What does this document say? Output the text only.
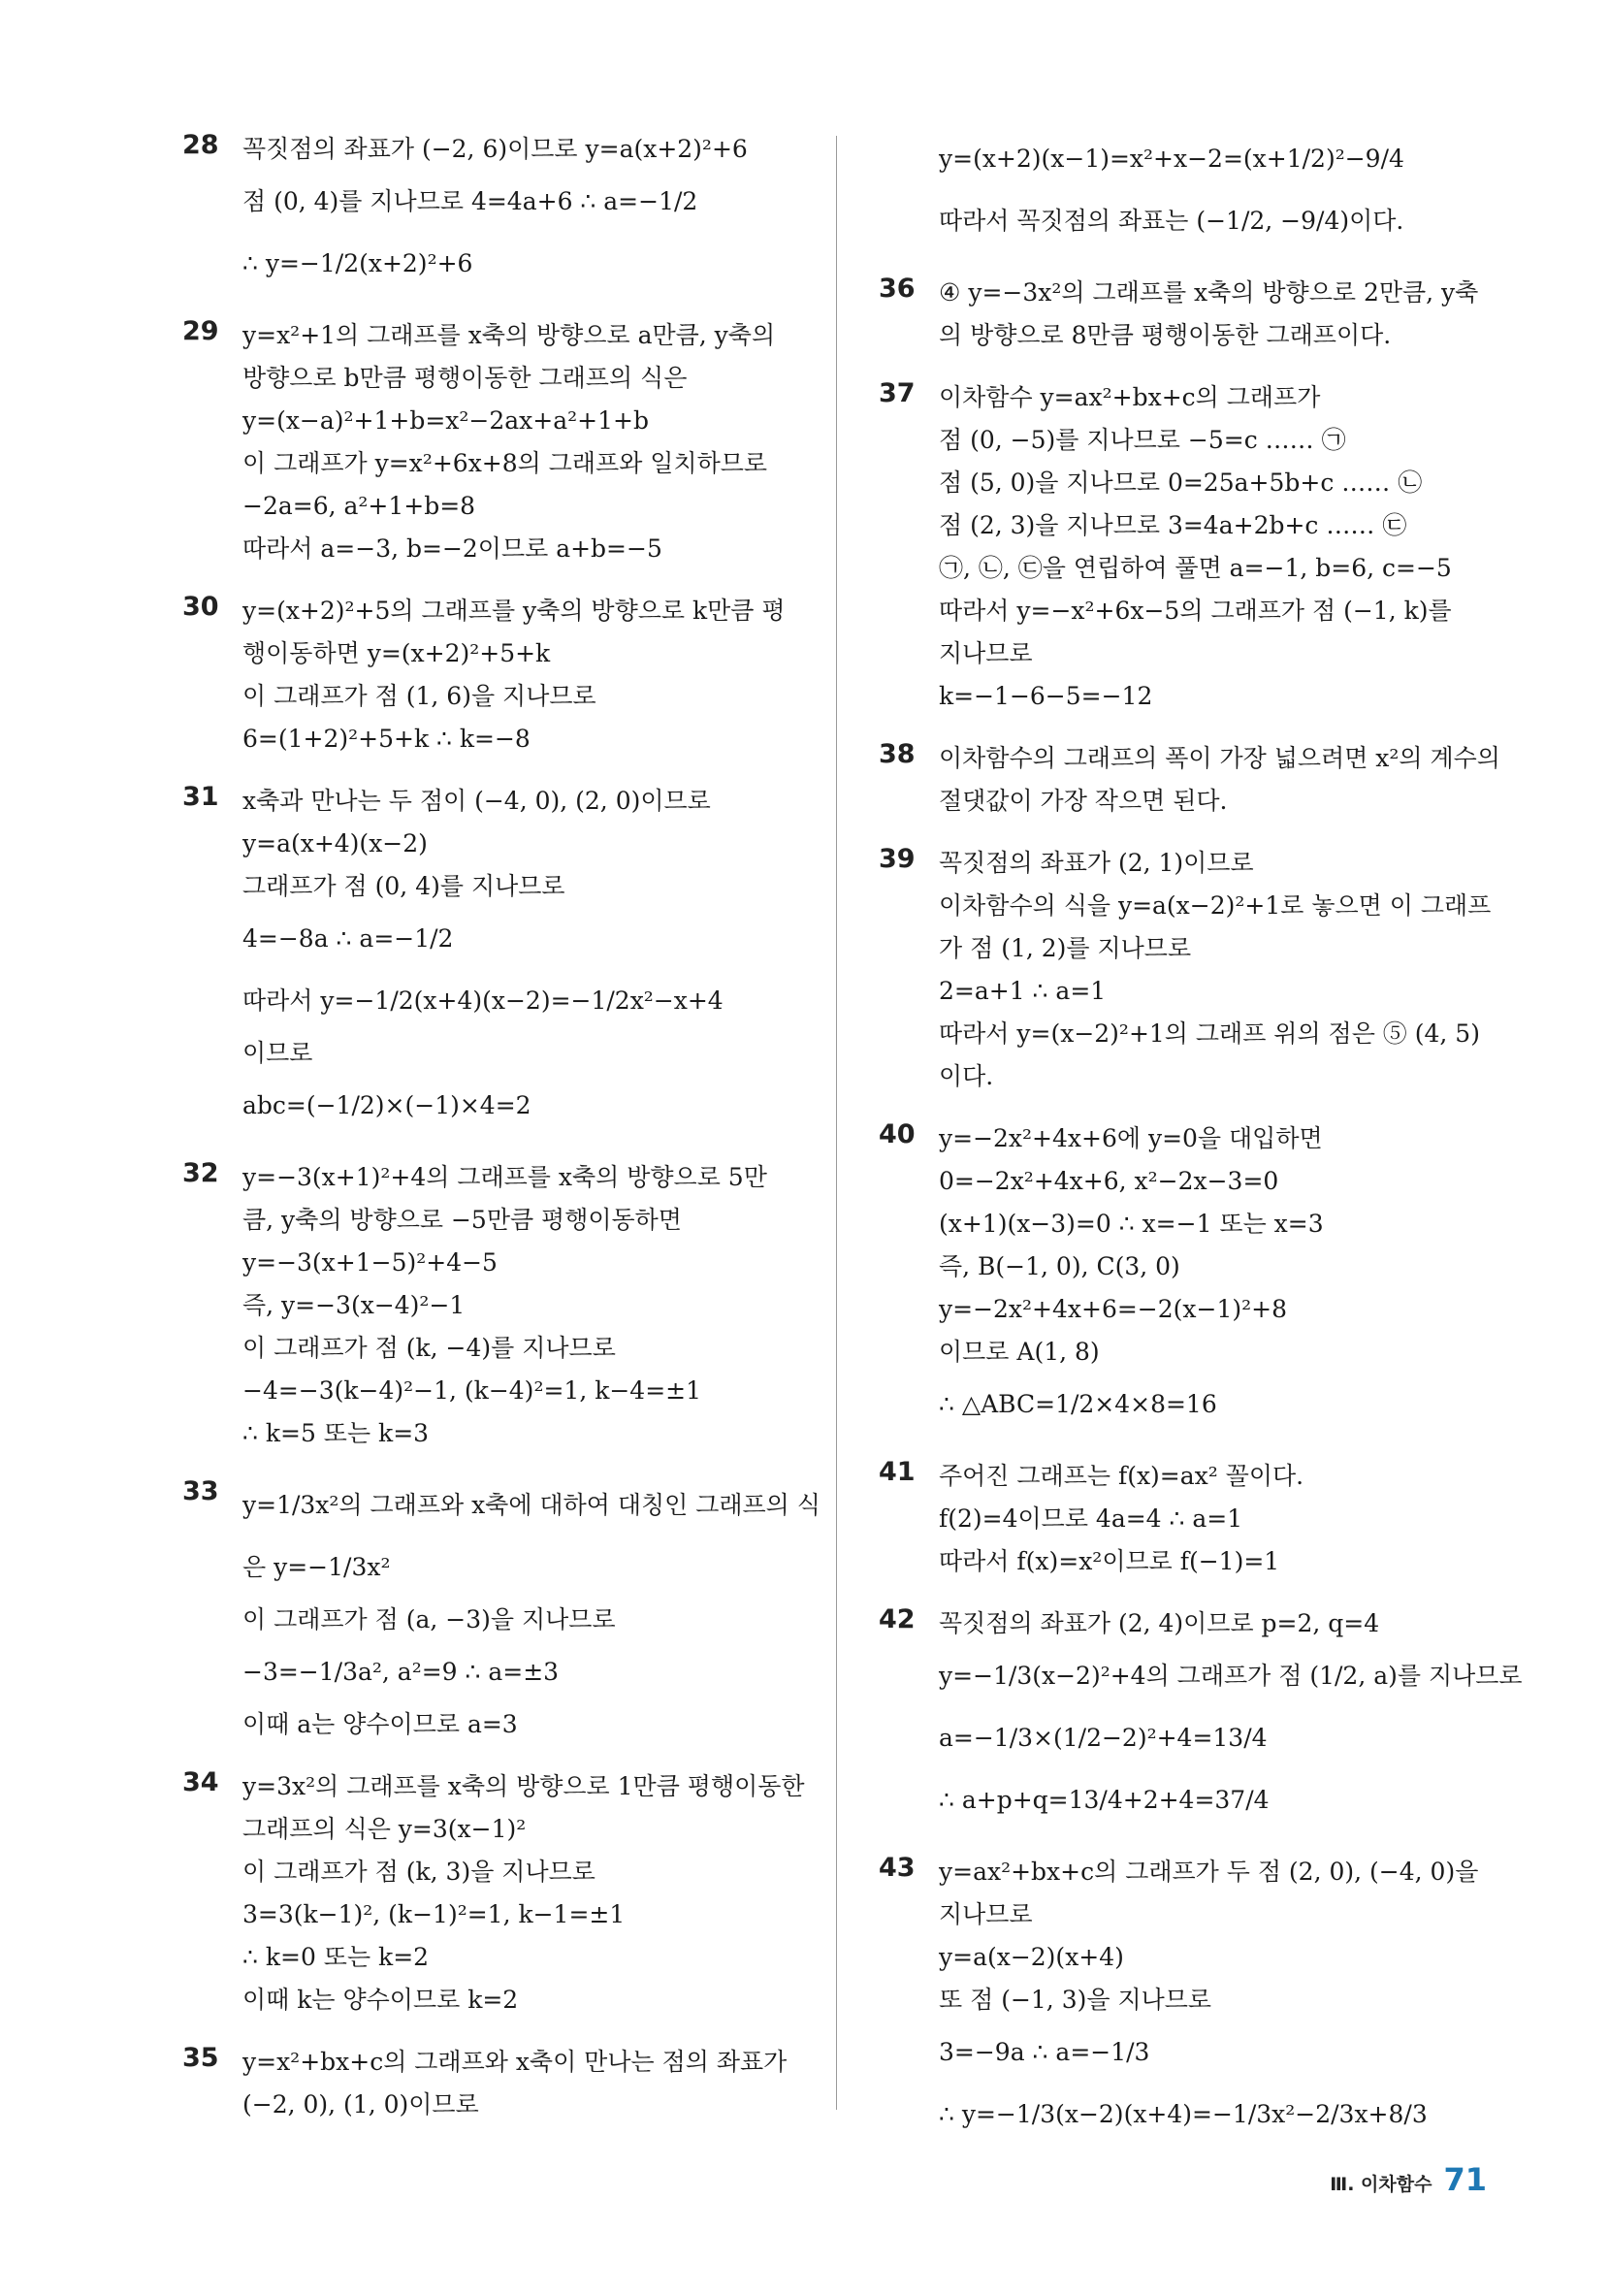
28 꼭짓점의 좌표가 (−2, 6)이므로 y=a(x+2)²+6
점 (0, 4)를 지나므로 4=4a+6 ∴ a=−1/2
∴ y=−1/2(x+2)²+6
29 y=x²+1의 그래프를 x축의 방향으로 a만큼, y축의
방향으로 b만큼 평행이동한 그래프의 식은
y=(x−a)²+1+b=x²−2ax+a²+1+b
이 그래프가 y=x²+6x+8의 그래프와 일치하므로
−2a=6, a²+1+b=8
따라서 a=−3, b=−2이므로 a+b=−5
30 y=(x+2)²+5의 그래프를 y축의 방향으로 k만큼 평
행이동하면 y=(x+2)²+5+k
이 그래프가 점 (1, 6)을 지나므로
6=(1+2)²+5+k ∴ k=−8
31 x축과 만나는 두 점이 (−4, 0), (2, 0)이므로
y=a(x+4)(x−2)
그래프가 점 (0, 4)를 지나므로
4=−8a ∴ a=−1/2
따라서 y=−1/2(x+4)(x−2)=−1/2x²−x+4
이므로
abc=(−1/2)×(−1)×4=2
32 y=−3(x+1)²+4의 그래프를 x축의 방향으로 5만
큼, y축의 방향으로 −5만큼 평행이동하면
y=−3(x+1−5)²+4−5
즉, y=−3(x−4)²−1
이 그래프가 점 (k, −4)를 지나므로
−4=−3(k−4)²−1, (k−4)²=1, k−4=±1
∴ k=5 또는 k=3
33 y=1/3x²의 그래프와 x축에 대하여 대칭인 그래프의 식
은 y=−1/3x²
이 그래프가 점 (a, −3)을 지나므로
−3=−1/3a², a²=9 ∴ a=±3
이때 a는 양수이므로 a=3
34 y=3x²의 그래프를 x축의 방향으로 1만큼 평행이동한
그래프의 식은 y=3(x−1)²
이 그래프가 점 (k, 3)을 지나므로
3=3(k−1)², (k−1)²=1, k−1=±1
∴ k=0 또는 k=2
이때 k는 양수이므로 k=2
35 y=x²+bx+c의 그래프와 x축이 만나는 점의 좌표가
(−2, 0), (1, 0)이므로
y=(x+2)(x−1)=x²+x−2=(x+1/2)²−9/4
따라서 꼭짓점의 좌표는 (−1/2, −9/4)이다.
36 ④ y=−3x²의 그래프를 x축의 방향으로 2만큼, y축
의 방향으로 8만큼 평행이동한 그래프이다.
37 이차함수 y=ax²+bx+c의 그래프가
점 (0, −5)를 지나므로 −5=c …… ㉠
점 (5, 0)을 지나므로 0=25a+5b+c …… ㉡
점 (2, 3)을 지나므로 3=4a+2b+c …… ㉢
㉠, ㉡, ㉢을 연립하여 풀면 a=−1, b=6, c=−5
따라서 y=−x²+6x−5의 그래프가 점 (−1, k)를
지나므로
k=−1−6−5=−12
38 이차함수의 그래프의 폭이 가장 넓으려면 x²의 계수의
절댓값이 가장 작으면 된다.
39 꼭짓점의 좌표가 (2, 1)이므로
이차함수의 식을 y=a(x−2)²+1로 놓으면 이 그래프
가 점 (1, 2)를 지나므로
2=a+1 ∴ a=1
따라서 y=(x−2)²+1의 그래프 위의 점은 ⑤ (4, 5)
이다.
40 y=−2x²+4x+6에 y=0을 대입하면
0=−2x²+4x+6, x²−2x−3=0
(x+1)(x−3)=0 ∴ x=−1 또는 x=3
즉, B(−1, 0), C(3, 0)
y=−2x²+4x+6=−2(x−1)²+8
이므로 A(1, 8)
∴ △ABC=1/2×4×8=16
41 주어진 그래프는 f(x)=ax² 꼴이다.
f(2)=4이므로 4a=4 ∴ a=1
따라서 f(x)=x²이므로 f(−1)=1
42 꼭짓점의 좌표가 (2, 4)이므로 p=2, q=4
y=−1/3(x−2)²+4의 그래프가 점 (1/2, a)를 지나므로
a=−1/3×(1/2−2)²+4=13/4
∴ a+p+q=13/4+2+4=37/4
43 y=ax²+bx+c의 그래프가 두 점 (2, 0), (−4, 0)을
지나므로
y=a(x−2)(x+4)
또 점 (−1, 3)을 지나므로
3=−9a ∴ a=−1/3
∴ y=−1/3(x−2)(x+4)=−1/3x²−2/3x+8/3
Ⅲ. 이차함수 71
